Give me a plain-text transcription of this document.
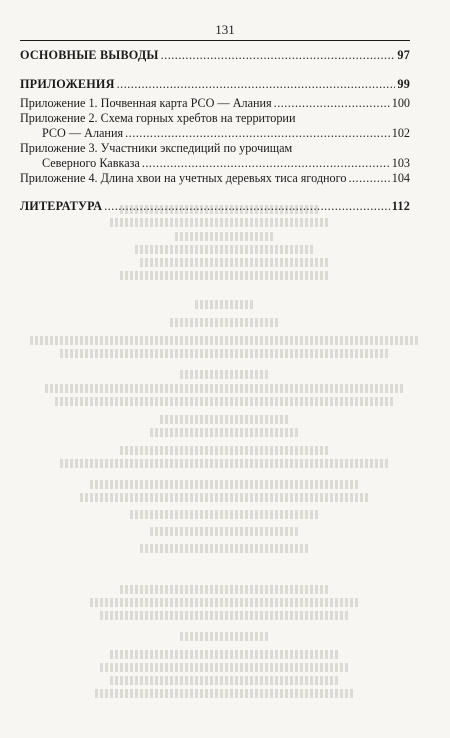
131
ОСНОВНЫЕ ВЫВОДЫ .....	97
ПРИЛОЖЕНИЯ .....	99
Приложение 1. Почвенная карта РСО — Алания .....	100
Приложение 2. Схема горных хребтов на территории
РСО — Алания .....	102
Приложение 3. Участники экспедиций по урочищам
Северного Кавказа .....	103
Приложение 4. Длина хвои на учетных деревьях тиса ягодного .....	104
ЛИТЕРАТУРА .....	112
